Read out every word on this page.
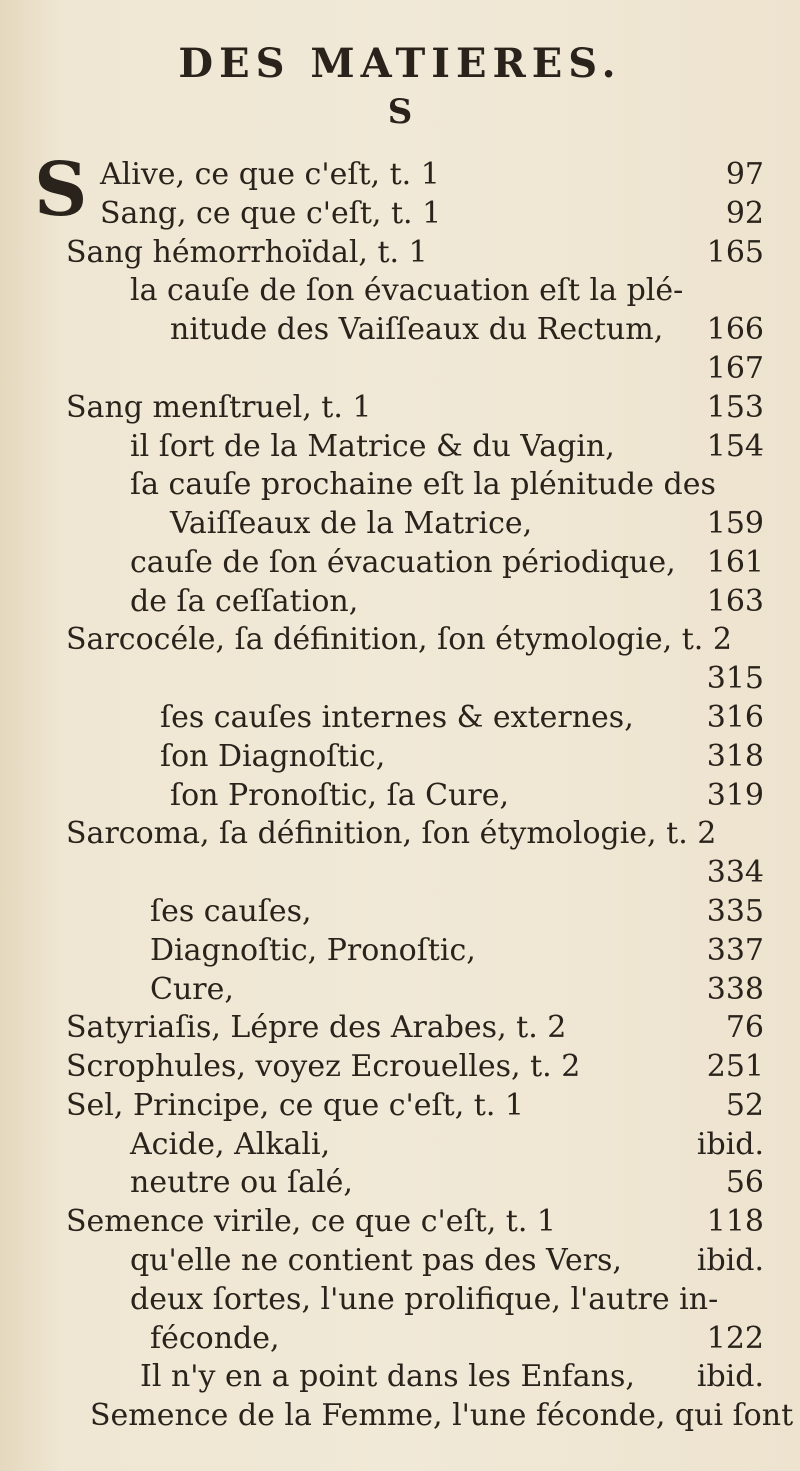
DES MATIERES.
S
S Alive, ce que c'eſt, t. 1	97
Sang, ce que c'eſt, t. 1	92
Sang hémorrhoïdal, t. 1	165
la cauſe de ſon évacuation eſt la plé-
nitude des Vaiſſeaux du Rectum, 166
167
Sang menſtruel, t. 1	153
il ſort de la Matrice & du Vagin,	154
ſa cauſe prochaine eſt la plénitude des
Vaiſſeaux de la Matrice,	159
cauſe de ſon évacuation périodique, 161
de ſa ceſſation,	163
Sarcocéle, ſa définition, ſon étymologie, t. 2
315
ſes cauſes internes & externes, 316
ſon Diagnoſtic,	318
ſon Pronoſtic, ſa Cure,	319
Sarcoma, ſa définition, ſon étymologie, t. 2
334
ſes cauſes,	335
Diagnoſtic, Pronoſtic,	337
Cure,	338
Satyriaſis, Lépre des Arabes, t. 2	76
Scrophules, voyez Ecrouelles, t. 2	251
Sel, Principe, ce que c'eſt, t. 1	52
Acide, Alkali,	ibid.
neutre ou ſalé,	56
Semence virile, ce que c'eſt, t. 1	118
qu'elle ne contient pas des Vers, ibid.
deux ſortes, l'une prolifique, l'autre in-
féconde,	122
Il n'y en a point dans les Enfans, ibid.
Semence de la Femme, l'une féconde, qui ſont
